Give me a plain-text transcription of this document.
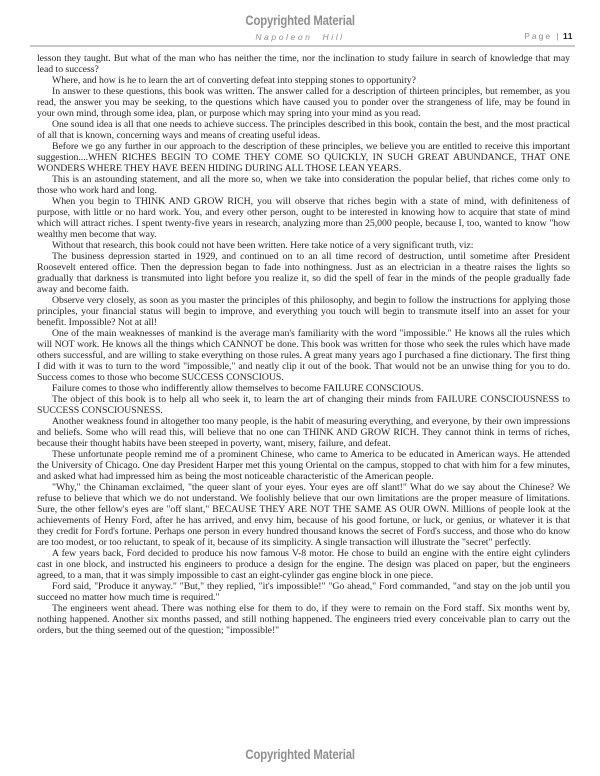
Copyrighted Material
Napoleon Hill	Page | 11

lesson they taught. But what of the man who has neither the time, nor the inclination to study failure in search of knowledge that may lead to success?

Where, and how is he to learn the art of converting defeat into stepping stones to opportunity?

In answer to these questions, this book was written. The answer called for a description of thirteen principles, but remember, as you read, the answer you may be seeking, to the questions which have caused you to ponder over the strangeness of life, may be found in your own mind, through some idea, plan, or purpose which may spring into your mind as you read.

One sound idea is all that one needs to achieve success. The principles described in this book, contain the best, and the most practical of all that is known, concerning ways and means of creating useful ideas.

Before we go any further in our approach to the description of these principles, we believe you are entitled to receive this important suggestion....WHEN RICHES BEGIN TO COME THEY COME SO QUICKLY, IN SUCH GREAT ABUNDANCE, THAT ONE WONDERS WHERE THEY HAVE BEEN HIDING DURING ALL THOSE LEAN YEARS.

This is an astounding statement, and all the more so, when we take into consideration the popular belief, that riches come only to those who work hard and long.

When you begin to THINK AND GROW RICH, you will observe that riches begin with a state of mind, with definiteness of purpose, with little or no hard work. You, and every other person, ought to be interested in knowing how to acquire that state of mind which will attract riches. I spent twenty-five years in research, analyzing more than 25,000 people, because I, too, wanted to know "how wealthy men become that way.

Without that research, this book could not have been written. Here take notice of a very significant truth, viz:

The business depression started in 1929, and continued on to an all time record of destruction, until sometime after President Roosevelt entered office. Then the depression began to fade into nothingness. Just as an electrician in a theatre raises the lights so gradually that darkness is transmuted into light before you realize it, so did the spell of fear in the minds of the people gradually fade away and become faith.

Observe very closely, as soon as you master the principles of this philosophy, and begin to follow the instructions for applying those principles, your financial status will begin to improve, and everything you touch will begin to transmute itself into an asset for your benefit. Impossible? Not at all!

One of the main weaknesses of mankind is the average man's familiarity with the word "impossible." He knows all the rules which will NOT work. He knows all the things which CANNOT be done. This book was written for those who seek the rules which have made others successful, and are willing to stake everything on those rules. A great many years ago I purchased a fine dictionary. The first thing I did with it was to turn to the word "impossible," and neatly clip it out of the book. That would not be an unwise thing for you to do. Success comes to those who become SUCCESS CONSCIOUS.

Failure comes to those who indifferently allow themselves to become FAILURE CONSCIOUS.

The object of this book is to help all who seek it, to learn the art of changing their minds from FAILURE CONSCIOUSNESS to SUCCESS CONSCIOUSNESS.

Another weakness found in altogether too many people, is the habit of measuring everything, and everyone, by their own impressions and beliefs. Some who will read this, will believe that no one can THINK AND GROW RICH. They cannot think in terms of riches, because their thought habits have been steeped in poverty, want, misery, failure, and defeat.

These unfortunate people remind me of a prominent Chinese, who came to America to be educated in American ways. He attended the University of Chicago. One day President Harper met this young Oriental on the campus, stopped to chat with him for a few minutes, and asked what had impressed him as being the most noticeable characteristic of the American people.

"Why," the Chinaman exclaimed, "the queer slant of your eyes. Your eyes are off slant!" What do we say about the Chinese? We refuse to believe that which we do not understand. We foolishly believe that our own limitations are the proper measure of limitations. Sure, the other fellow's eyes are "off slant," BECAUSE THEY ARE NOT THE SAME AS OUR OWN. Millions of people look at the achievements of Henry Ford, after he has arrived, and envy him, because of his good fortune, or luck, or genius, or whatever it is that they credit for Ford's fortune. Perhaps one person in every hundred thousand knows the secret of Ford's success, and those who do know are too modest, or too reluctant, to speak of it, because of its simplicity. A single transaction will illustrate the "secret" perfectly.

A few years back, Ford decided to produce his now famous V-8 motor. He chose to build an engine with the entire eight cylinders cast in one block, and instructed his engineers to produce a design for the engine. The design was placed on paper, but the engineers agreed, to a man, that it was simply impossible to cast an eight-cylinder gas engine block in one piece.

Ford said, "Produce it anyway." "But," they replied, "it's impossible!" "Go ahead," Ford commanded, "and stay on the job until you succeed no matter how much time is required."

The engineers went ahead. There was nothing else for them to do, if they were to remain on the Ford staff. Six months went by, nothing happened. Another six months passed, and still nothing happened. The engineers tried every conceivable plan to carry out the orders, but the thing seemed out of the question; "impossible!"

Copyrighted Material
